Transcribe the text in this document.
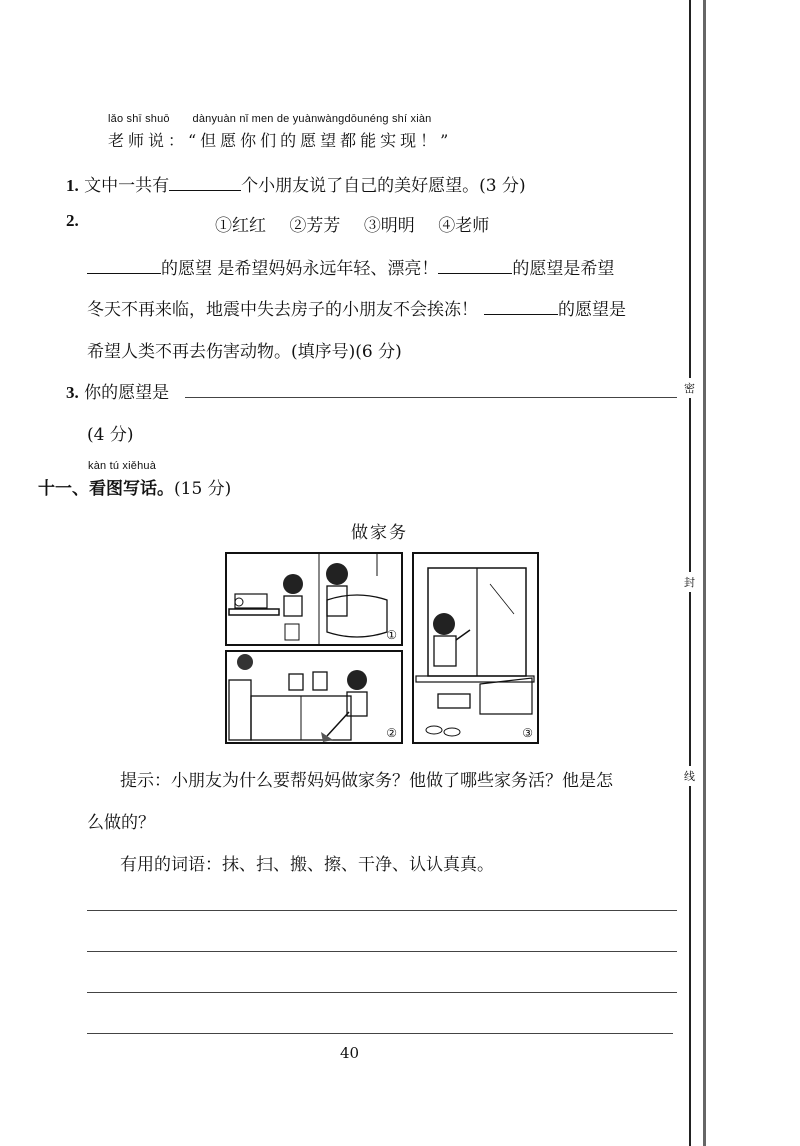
密
封
线
lǎo shī shuō       dànyuàn nǐ men de yuànwàngdōunéng shí xiàn
老师说：“但愿你们的愿望都能实现！”
1. 文中一共有	个小朋友说了自己的美好愿望。(3 分)
2.	①红红 ②芳芳 ③明明 ④老师
的愿望 是希望妈妈永远年轻、漂亮！	的愿望是希望
冬天不再来临，地震中失去房子的小朋友不会挨冻！	的愿望是
希望人类不再去伤害动物。(填序号)(6 分)
3. 你的愿望是
(4 分)
kàn tú xiěhuà
十一、看图写话。(15 分)
做家务
①
②	③
提示：小朋友为什么要帮妈妈做家务？他做了哪些家务活？他是怎
么做的？
有用的词语：抹、扫、搬、擦、干净、认认真真。
40
